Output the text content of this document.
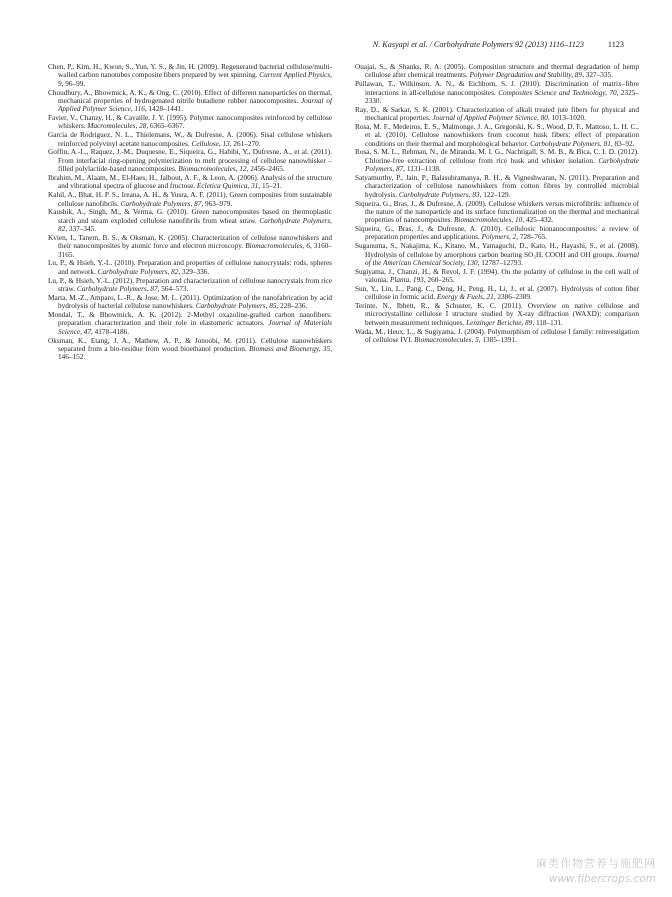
N. Kasyapi et al. / Carbohydrate Polymers 92 (2013) 1116–1123	1123

Chen, P., Kim, H., Kwon, S., Yun, Y. S., & Jin, H. (2009). Regenerated bacterial cellulose/multi-walled carbon nanotubes composite fibers prepared by wet spinning. Current Applied Physics, 9, 96–99.

Choudhury, A., Bhowmick, A. K., & Ong, C. (2010). Effect of different nanoparticles on thermal, mechanical properties of hydrogenated nitrile butadiene rubber nanocomposites. Journal of Applied Polymer Science, 116, 1428–1441.

Favier, V., Chanzy, H., & Cavaille, J. Y. (1995). Polymer nanocomposites reinforced by cellulose whiskers. Macromolecules, 28, 6365–6367.

Garcia de Rodriguez, N. L., Thielemans, W., & Dufresne, A. (2006). Sisal cellulose whiskers reinforced polyvinyl acetate nanocomposites. Cellulose, 13, 261–270.

Goffin, A.-L., Raquez, J.-M., Duquesne, E., Siqueira, G., Habibi, Y., Dufresne, A., et al. (2011). From interfacial ring-opening polymerization to melt processing of cellulose nanowhisker – filled polylactide-based nanocomposites. Biomacromolecules, 12, 2456–2465.

Ibrahim, M., Alaam, M., El-Haes, H., Jalbout, A. F., & Leon, A. (2006). Analysis of the structure and vibrational spectra of glucose and fructose. Ecletica Quimica, 31, 15–21.

Kahil, A., Bhat, H. P. S., Ireana, A. H., & Yusra, A. F. (2011). Green composites from sustainable cellulose nanofibrils. Carbohydrate Polymers, 87, 963–979.

Kaushik, A., Singh, M., & Verma, G. (2010). Green nanocomposites based on thermoplastic starch and steam exploded cellulose nanofibrils from wheat straw. Carbohydrate Polymers, 82, 337–345.

Kvien, I., Tanem, B. S., & Oksman, K. (2005). Characterization of cellulose nanowhiskers and their nanocomposites by atomic force and electron microscopy. Biomacromolecules, 6, 3160–3165.

Lu, P., & Hsieh, Y.-L. (2010). Preparation and properties of cellulose nanocrystals: rods, spheres and network. Carbohydrate Polymers, 82, 329–336.

Lu, P., & Hsieh, Y.-L. (2012). Preparation and characterization of cellulose nanocrystals from rice straw. Carbohydrate Polymers, 87, 564–573.

Marta, M.-Z., Amparo, L.-R., & Jose, M. L. (2011). Optimization of the nanofabrication by acid hydrolysis of bacterial cellulose nanowhiskers. Carbohydrate Polymers, 85, 228–236.

Mondal, T., & Bhowmick, A. K. (2012). 2-Methyl oxazoline-grafted carbon nanofibers: preparation characterization and their role in elastomeric actuators. Journal of Materials Science, 47, 4178–4186.

Oksman, K., Etang, J. A., Mathew, A. P., & Jonoobi, M. (2011). Cellulose nanowhiskers separated from a bio-residue from wood bioethanol production. Biomass and Bioenergy, 35, 146–152.

Ouajai, S., & Shanks, R. A. (2005). Composition structure and thermal degradation of hemp cellulose after chemical treatments. Polymer Degradation and Stability, 89, 327–335.

Pullawan, T., Wilkinson, A. N., & Eichhorn, S. J. (2010). Discrimination of matrix–fibre interactions in all-cellulose nanocomposites. Composites Science and Technology, 70, 2325–2330.

Ray, D., & Sarkar, S. K. (2001). Characterization of alkali treated jute fibers for physical and mechanical properties. Journal of Applied Polymer Science, 80, 1013–1020.

Rosa, M. F., Medeiros, E. S., Malmonge, J. A., Gregorski, K. S., Wood, D. F., Mattoso, L. H. C., et al. (2010). Cellulose nanowhiskers from coconut husk fibers: effect of preparation conditions on their thermal and morphological behavior. Carbohydrate Polymers, 81, 83–92.

Rosa, S. M. L., Rehman, N., de Miranda, M. I. G., Nachtigall, S. M. B., & Bica, C. I. D. (2012). Chlorine-free extraction of cellulose from rice husk and whisker isolation. Carbohydrate Polymers, 87, 1131–1138.

Satyamurthy, P., Jain, P., Balasubramanya, R. H., & Vigneshwaran, N. (2011). Preparation and characterization of cellulose nanowhiskers from cotton fibres by controlled microbial hydrolysis. Carbohydrate Polymers, 83, 122–129.

Siqueira, G., Bras, J., & Dufresne, A. (2009). Cellulose whiskers versus microfibrils: influence of the nature of the nanoparticle and its surface functionalization on the thermal and mechanical properties of nanocomposites. Biomacromolecules, 10, 425–432.

Siqueira, G., Bras, J., & Dufresne, A. (2010). Cellulosic bionanocomposites: a review of preparation properties and applications. Polymers, 2, 728–765.

Suganuma, S., Nakajima, K., Kitano, M., Yamaguchi, D., Kato, H., Hayashi, S., et al. (2008). Hydrolysis of cellulose by amorphous carbon bearing SO₃H, COOH and OH groups. Journal of the American Chemical Society, 130, 12787–12793.

Sugiyama, J., Chanzi, H., & Revol, J. F. (1994). On the polarity of cellulose in the cell wall of valonia. Planta, 193, 260–265.

Sun, Y., Lin, L., Pang, C., Deng, H., Peng, H., Li, J., et al. (2007). Hydrolysis of cotton fiber cellulose in formic acid. Energy & Fuels, 21, 2386–2389.

Terinte, N., Ibbett, R., & Schuster, K. C. (2011). Overview on native cellulose and microcrystalline cellulose I structure studied by X-ray diffraction (WAXD): comparison between measurement techniques. Lenzinger Berichte, 89, 118–131.

Wada, M., Heux, L., & Sugiyama, J. (2004). Polymorphism of cellulose I family: reinvestigation of cellulose IVI. Biomacromolecules, 5, 1385–1391.

麻类作物营养与施肥网
www.fibercrops.com
